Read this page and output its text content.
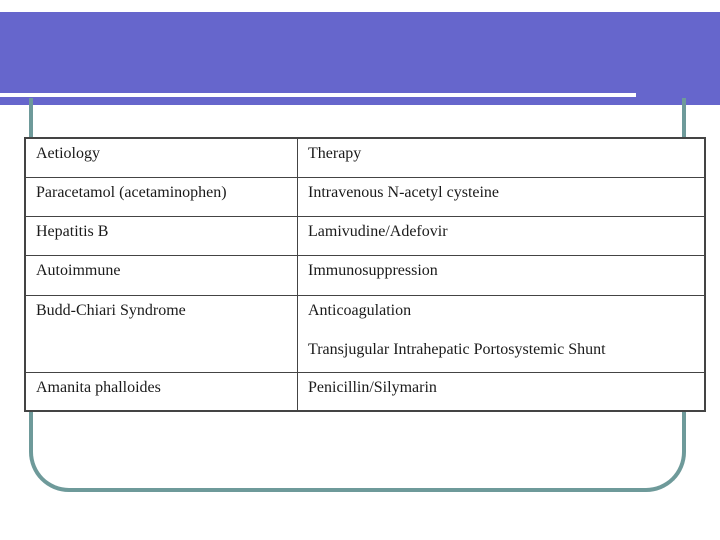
Aetiology	Therapy

Paracetamol (acetaminophen)	Intravenous N-acetyl cysteine

Hepatitis B	Lamivudine/Adefovir

Autoimmune	Immunosuppression

Budd-Chiari Syndrome	Anticoagulation
Transjugular Intrahepatic Portosystemic Shunt

Amanita phalloides	Penicillin/Silymarin
